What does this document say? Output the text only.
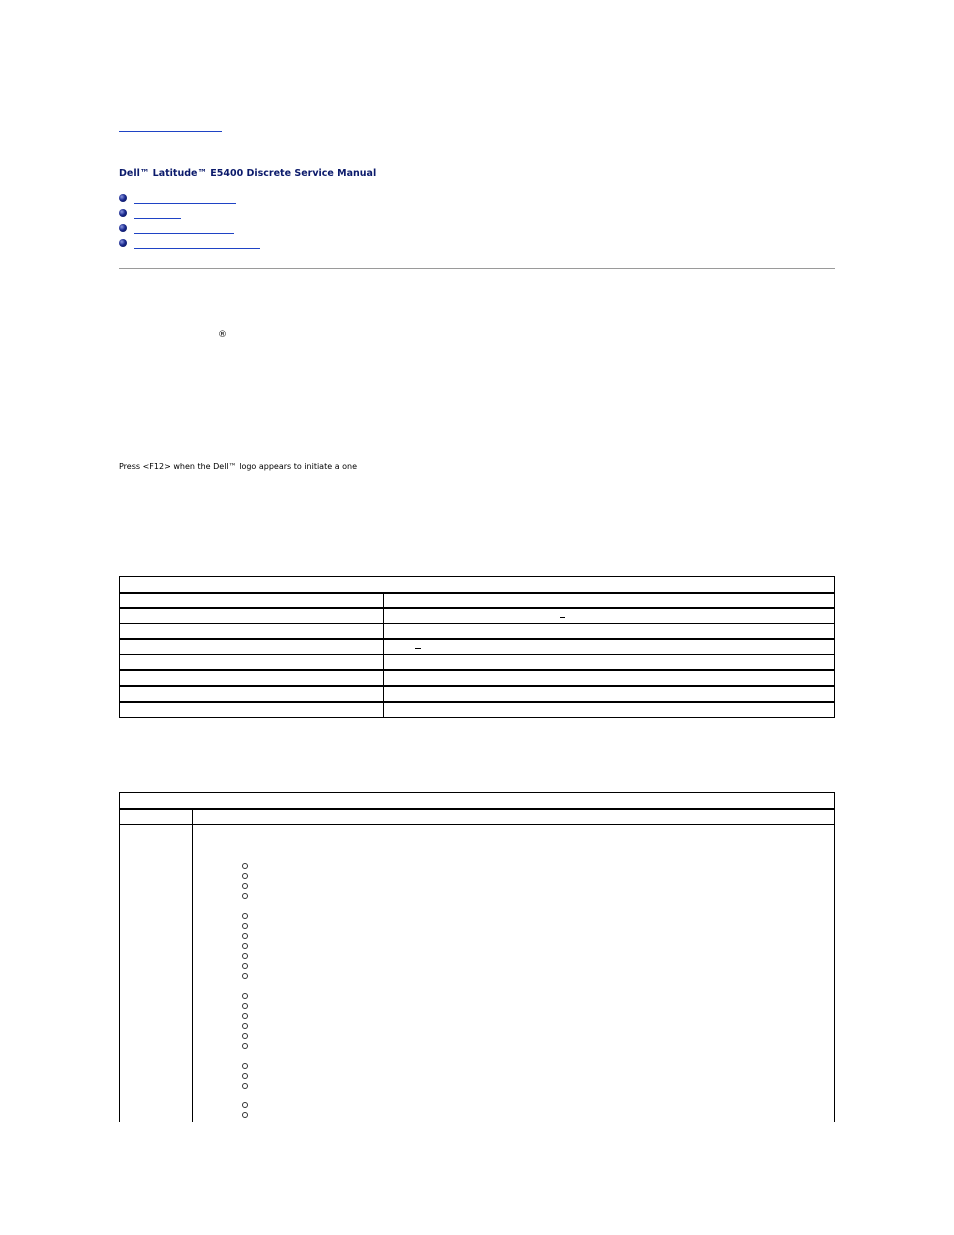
Dell™ Latitude™ E5400 Discrete Service Manual
®
Press <F12> when the Dell™ logo appears to initiate a one
